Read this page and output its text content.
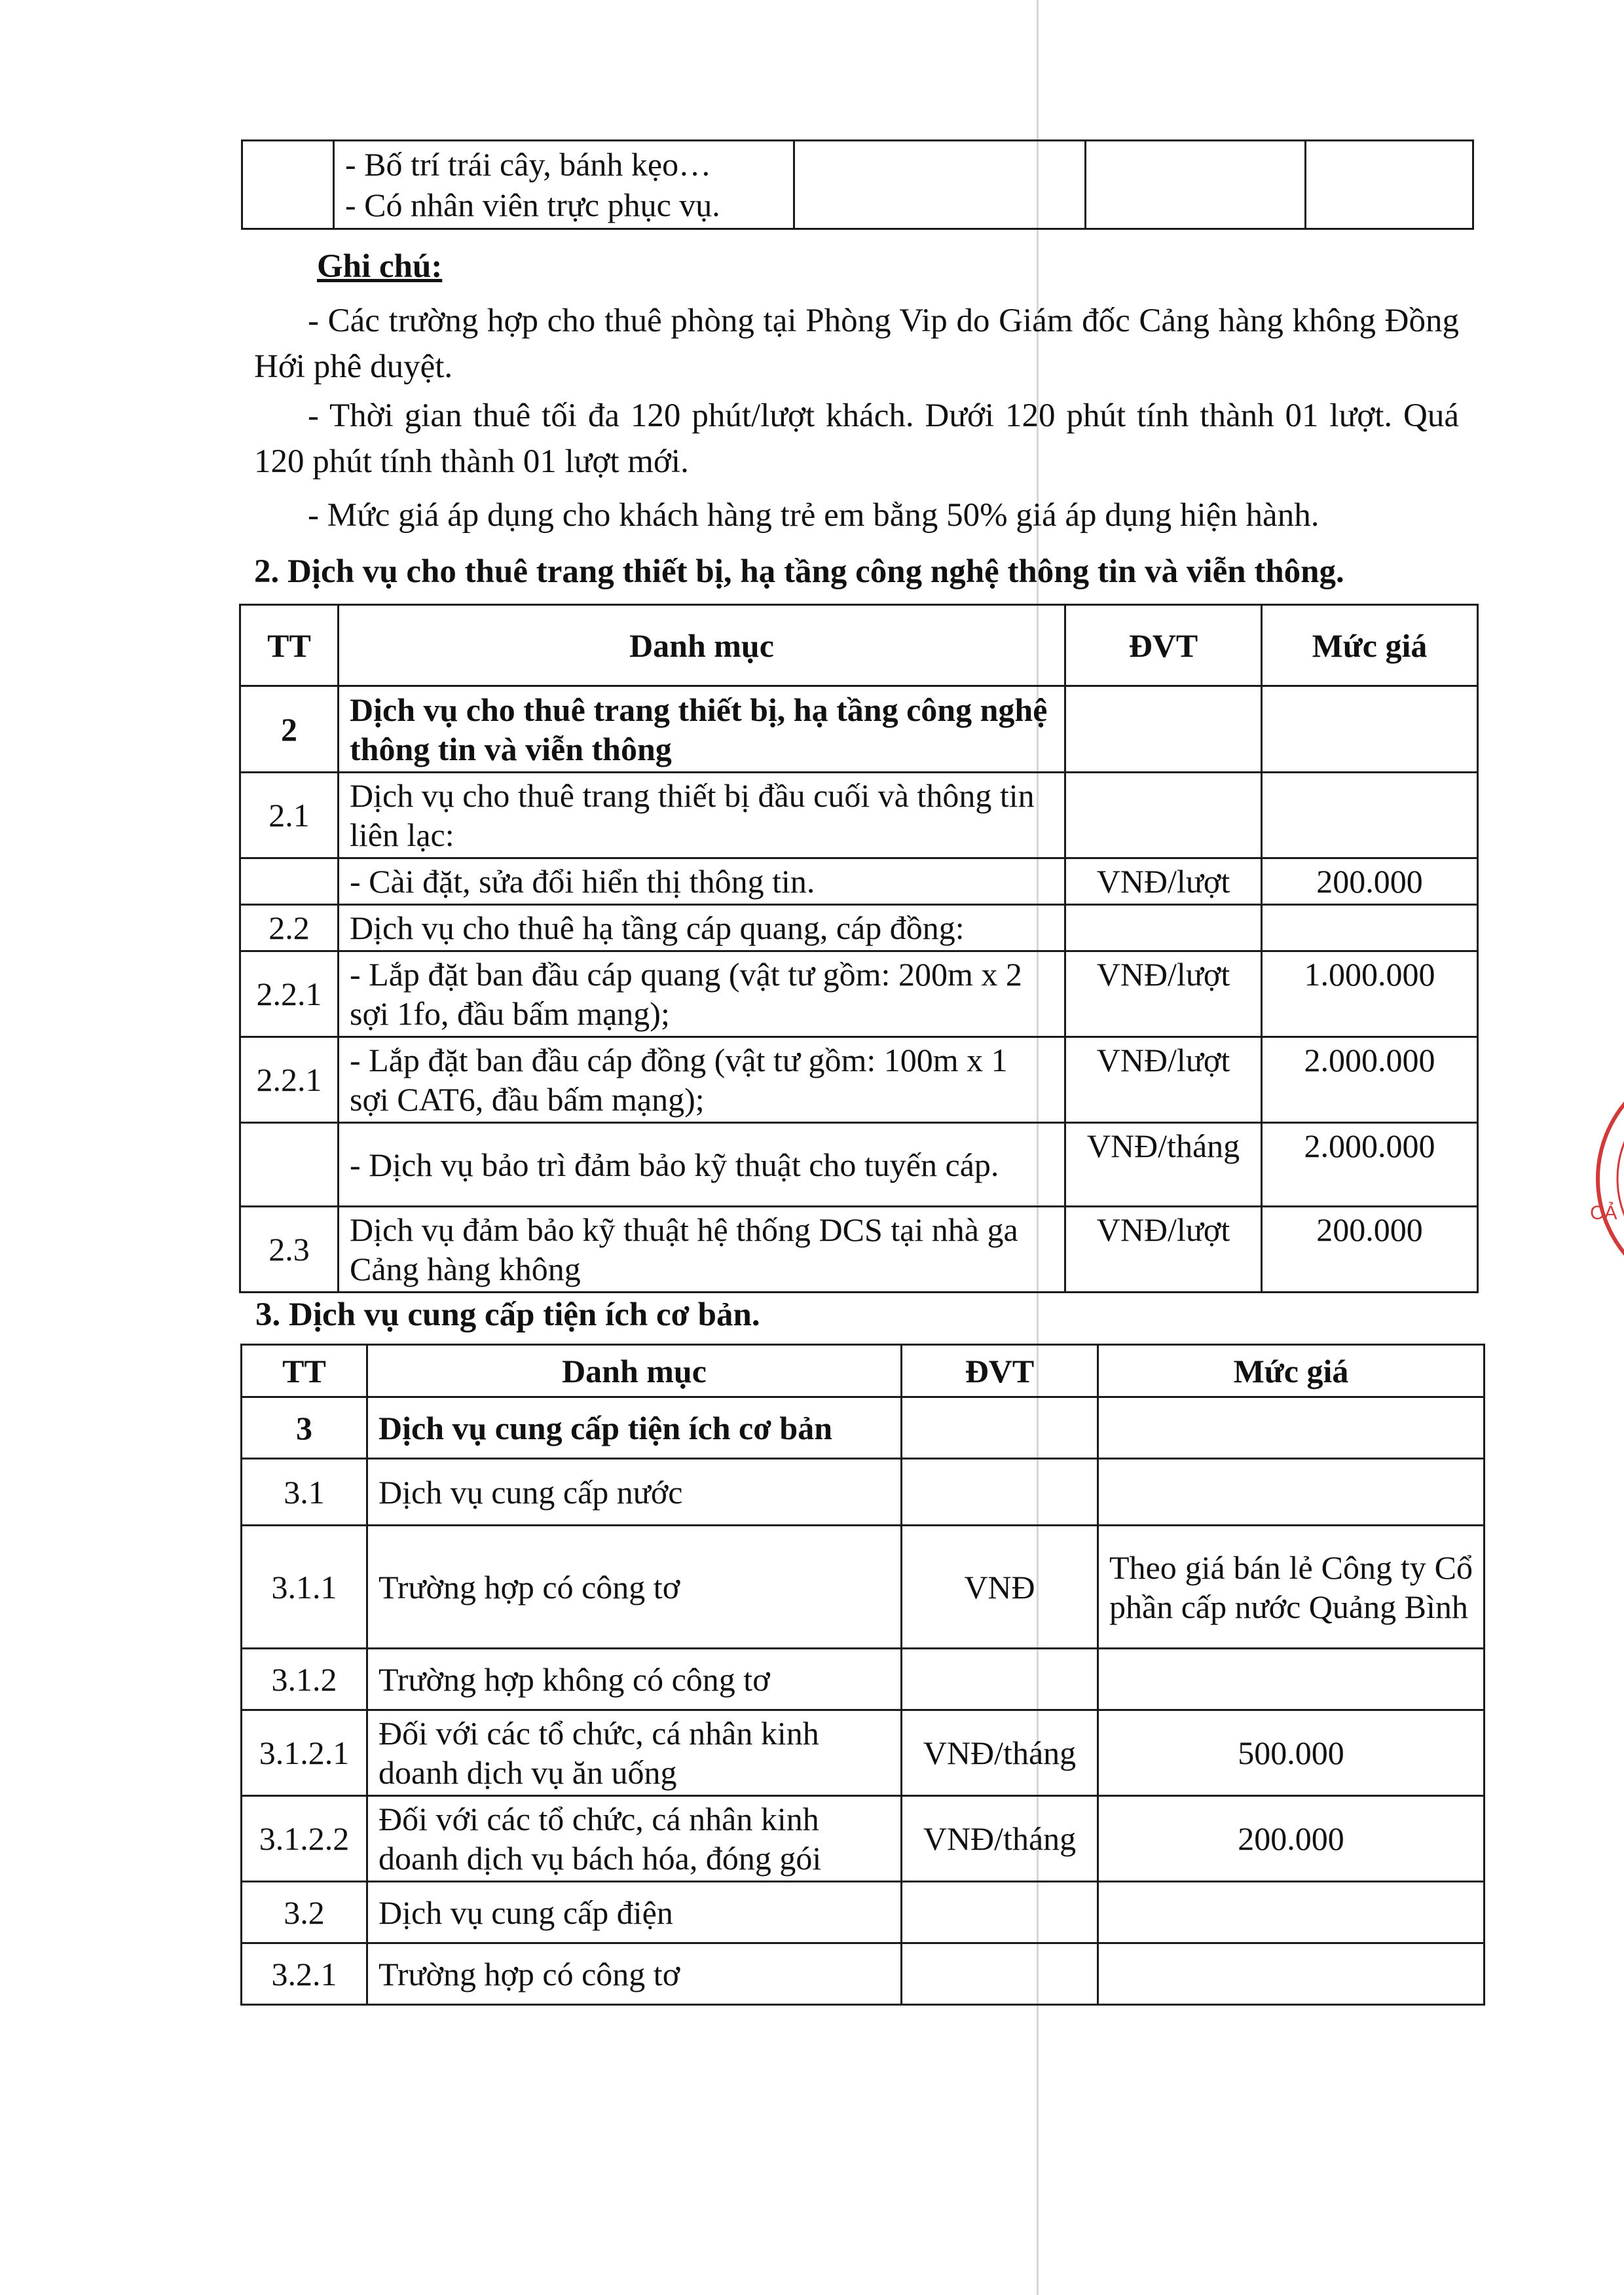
- Bố trí trái cây, bánh kẹo…
- Có nhân viên trực phục vụ.

Ghi chú:
- Các trường hợp cho thuê phòng tại Phòng Vip do Giám đốc Cảng hàng không Đồng Hới phê duyệt.
- Thời gian thuê tối đa 120 phút/lượt khách. Dưới 120 phút tính thành 01 lượt. Quá 120 phút tính thành 01 lượt mới.
- Mức giá áp dụng cho khách hàng trẻ em bằng 50% giá áp dụng hiện hành.
2. Dịch vụ cho thuê trang thiết bị, hạ tầng công nghệ thông tin và viễn thông.
TT	Danh mục	ĐVT	Mức giá
2	Dịch vụ cho thuê trang thiết bị, hạ tầng công nghệ thông tin và viễn thông		
2.1	Dịch vụ cho thuê trang thiết bị đầu cuối và thông tin liên lạc:		
	- Cài đặt, sửa đổi hiển thị thông tin.	VNĐ/lượt	200.000
2.2	Dịch vụ cho thuê hạ tầng cáp quang, cáp đồng:		
2.2.1	- Lắp đặt ban đầu cáp quang (vật tư gồm: 200m x 2 sợi 1fo, đầu bấm mạng);	VNĐ/lượt	1.000.000
2.2.1	- Lắp đặt ban đầu cáp đồng (vật tư gồm: 100m x 1 sợi CAT6, đầu bấm mạng);	VNĐ/lượt	2.000.000
	- Dịch vụ bảo trì đảm bảo kỹ thuật cho tuyến cáp.	VNĐ/tháng	2.000.000
2.3	Dịch vụ đảm bảo kỹ thuật hệ thống DCS tại nhà ga Cảng hàng không	VNĐ/lượt	200.000
3. Dịch vụ cung cấp tiện ích cơ bản.
TT	Danh mục	ĐVT	Mức giá
3	Dịch vụ cung cấp tiện ích cơ bản		
3.1	Dịch vụ cung cấp nước		
3.1.1	Trường hợp có công tơ	VNĐ	Theo giá bán lẻ Công ty Cổ phần cấp nước Quảng Bình
3.1.2	Trường hợp không có công tơ		
3.1.2.1	Đối với các tổ chức, cá nhân kinh doanh dịch vụ ăn uống	VNĐ/tháng	500.000
3.1.2.2	Đối với các tổ chức, cá nhân kinh doanh dịch vụ bách hóa, đóng gói	VNĐ/tháng	200.000
3.2	Dịch vụ cung cấp điện		
3.2.1	Trường hợp có công tơ		
CẢ
